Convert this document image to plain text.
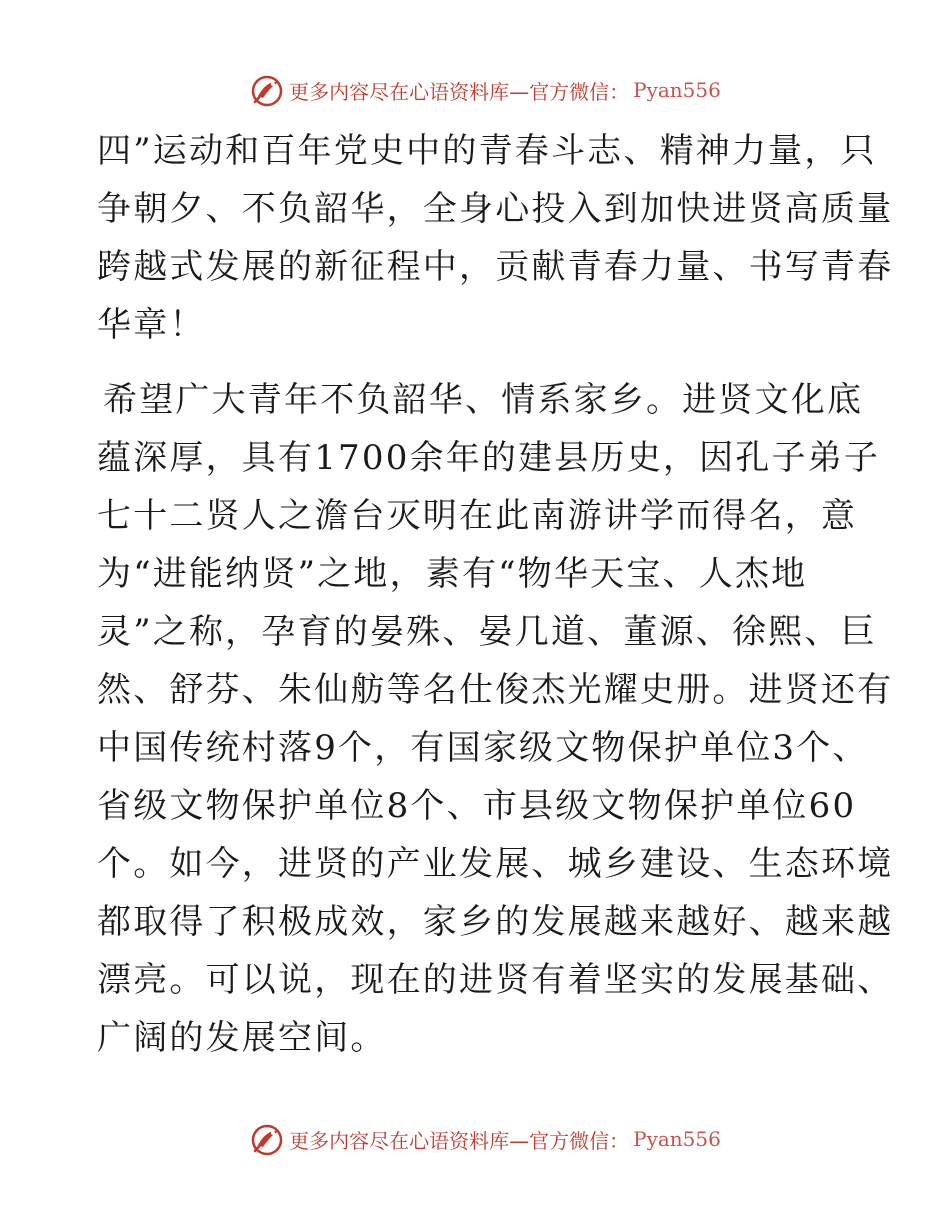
更多内容尽在心语资料库—官方微信： Pyan556
四”运动和百年党史中的青春斗志、精神力量，只
争朝夕、不负韶华，全身心投入到加快进贤高质量
跨越式发展的新征程中，贡献青春力量、书写青春
华章！
希望广大青年不负韶华、情系家乡。进贤文化底
蕴深厚，具有1700余年的建县历史，因孔子弟子
七十二贤人之澹台灭明在此南游讲学而得名，意
为“进能纳贤”之地，素有“物华天宝、人杰地
灵”之称，孕育的晏殊、晏几道、董源、徐熙、巨
然、舒芬、朱仙舫等名仕俊杰光耀史册。进贤还有
中国传统村落9个，有国家级文物保护单位3个、
省级文物保护单位8个、市县级文物保护单位60
个。如今，进贤的产业发展、城乡建设、生态环境
都取得了积极成效，家乡的发展越来越好、越来越
漂亮。可以说，现在的进贤有着坚实的发展基础、
广阔的发展空间。
更多内容尽在心语资料库—官方微信： Pyan556
